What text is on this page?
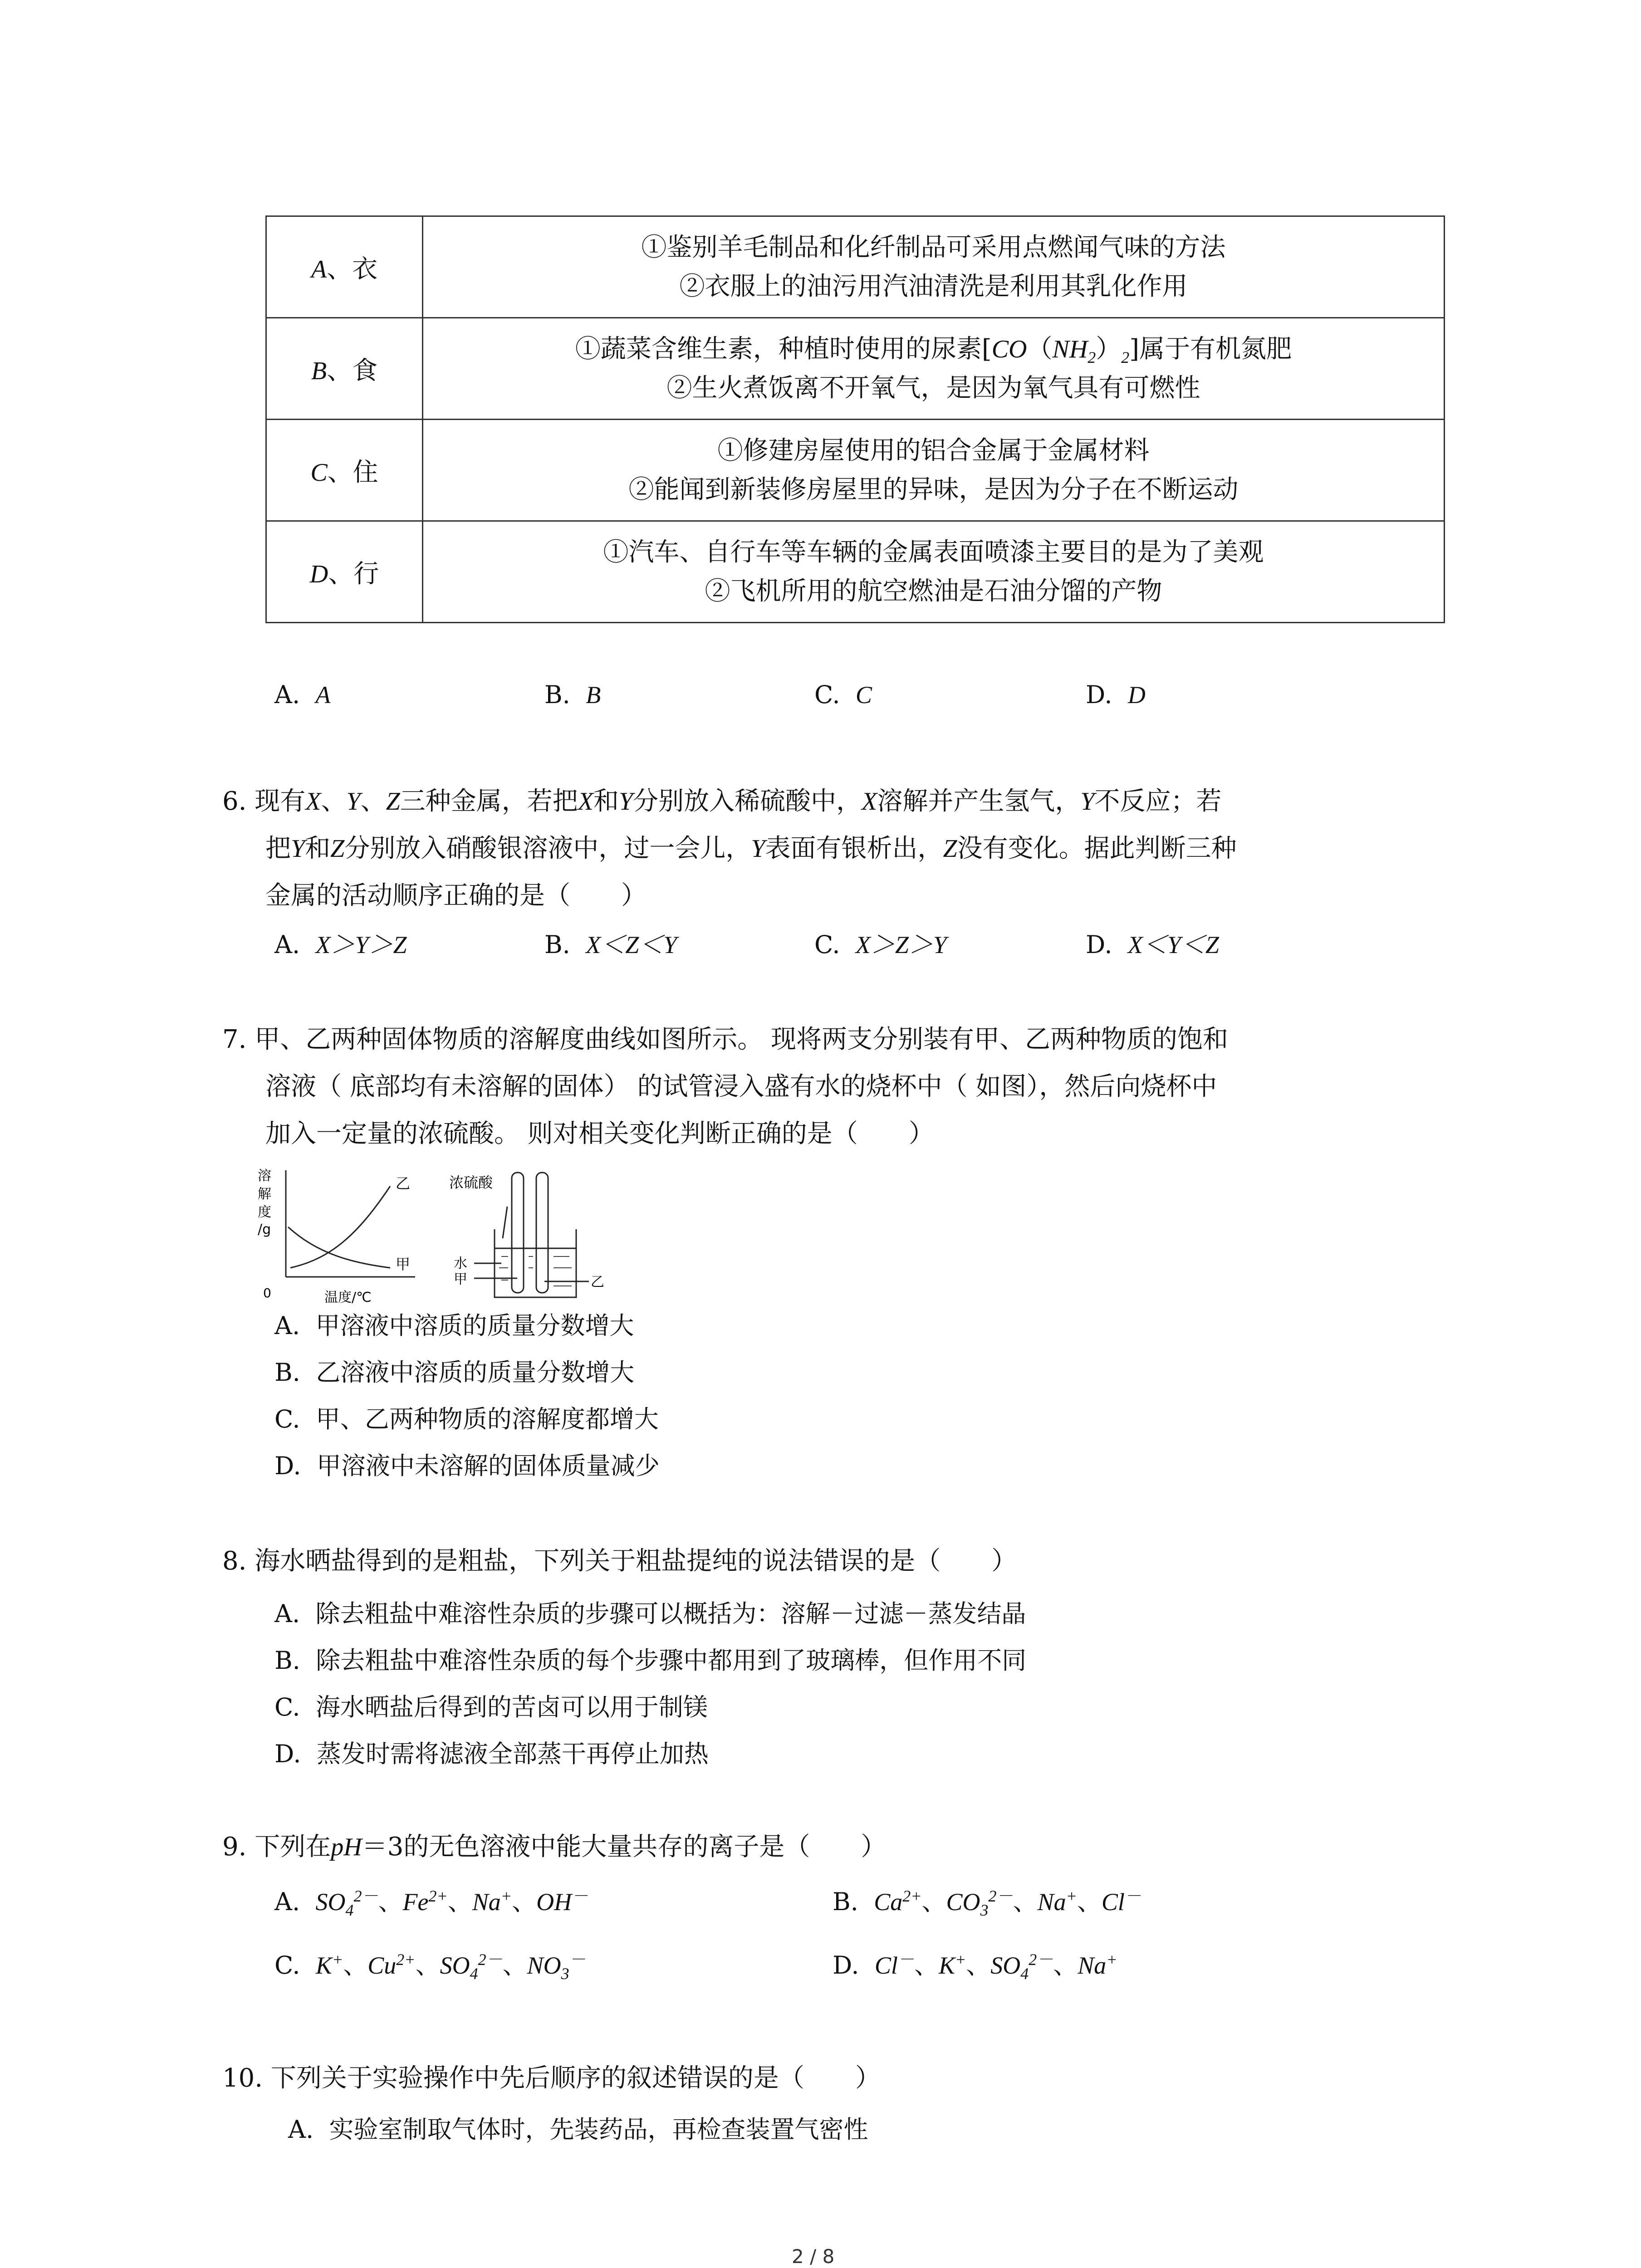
A、衣	①鉴别羊毛制品和化纤制品可采用点燃闻气味的方法
②衣服上的油污用汽油清洗是利用其乳化作用

B、食	①蔬菜含维生素，种植时使用的尿素$[CO(NH_2)_2]$属于有机氮肥
②生火煮饭离不开氧气，是因为氧气具有可燃性

C、住	①修建房屋使用的铝合金属于金属材料
②能闻到新装修房屋里的异味，是因为分子在不断运动

D、行	①汽车、自行车等车辆的金属表面喷漆主要目的是为了美观
②飞机所用的航空燃油是石油分馏的产物
A. A	B. B	C. C	D. D
6. 现有X、Y、Z三种金属，若把X和Y分别放入稀硫酸中，X溶解并产生氢气，Y不反应；若
把Y和Z分别放入硝酸银溶液中，过一会儿，Y表面有银析出，Z没有变化。据此判断三种
金属的活动顺序正确的是（　　）
A. X＞Y＞Z	B. X＜Z＜Y	C. X＞Z＞Y	D. X＜Y＜Z
7. 甲、乙两种固体物质的溶解度曲线如图所示。 现将两支分别装有甲、乙两种物质的饱和
溶液（ 底部均有未溶解的固体） 的试管浸入盛有水的烧杯中（ 如图），然后向烧杯中
加入一定量的浓硫酸。 则对相关变化判断正确的是（　　）
溶
解
度
/g
0	温度/℃
乙
甲
浓硫酸
水
甲	乙
A. 甲溶液中溶质的质量分数增大
B. 乙溶液中溶质的质量分数增大
C. 甲、乙两种物质的溶解度都增大
D. 甲溶液中未溶解的固体质量减少
8. 海水晒盐得到的是粗盐，下列关于粗盐提纯的说法错误的是（　　）
A. 除去粗盐中难溶性杂质的步骤可以概括为：溶解－过滤－蒸发结晶
B. 除去粗盐中难溶性杂质的每个步骤中都用到了玻璃棒，但作用不同
C. 海水晒盐后得到的苦卤可以用于制镁
D. 蒸发时需将滤液全部蒸干再停止加热
9. 下列在pH＝3的无色溶液中能大量共存的离子是（　　）
A. $SO_4^{2-}$、$Fe^{2+}$、Na+、OH－	B. $Ca^{2+}$、$CO_3^{2-}$、Na+、Cl－
C. K+、$Cu^{2+}$、$SO_4^{2-}$、$NO_3^-$	D. Cl－、K+、$SO_4^{2-}$、Na+
10. 下列关于实验操作中先后顺序的叙述错误的是（　　）
A. 实验室制取气体时，先装药品，再检查装置气密性
2 / 8
